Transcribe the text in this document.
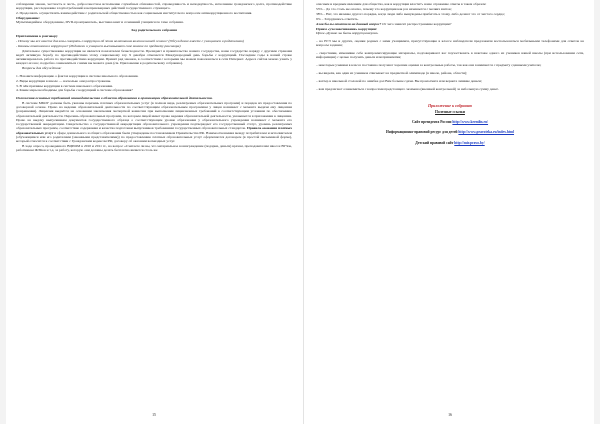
соблюдение закона, честность и честь, добросовестное исполнение служебных обязанностей, справедливость и неподкупность, исполнение гражданского долга, противодействие коррупции, расследование злоупотреблений и неправомерных действий государственного служащего.

2. Продолжать осуществлять взаимодействие с родительской общественностью как социальным институтом по вопросам антикоррупционного воспитания.

Оборудование:
Мультимедийное оборудование, DVD-проигрыватель, выставка книг и сочинений учащихся по теме собрания.

Ход родительского собрания

Приглашение к разговору

- Почему мы все вместе должны говорить о коррупции об этом негативном явлении нашей жизни? (Обсуждение вместе с учащимися и родителями)

- Каковы отношения к коррупции? (Родители и учащиеся высказывают свое мнение по предмету разговора)

Длительное существование коррупции не является показателем безысходности. Президент и правительство нашего государства, наше государство наряду с другими странами ведёт активную борьбу по противодействию этому социальному злу. 9 декабря отмечается Международный день борьбы с коррупцией. Последние годы в нашей стране активизировалась работа по противодействию коррупции. Принят ряд законов, в соответствии с которыми мы можем пожаловаться в сети Интернет. Адреса сайтов можно узнать у каждого из нас, подробно ознакомиться с ними вы можете дома (см. Приложение к родительскому собранию).

Вопросы для обсуждения:

1. Назовите информацию о фактах коррупции в системе школьного образования.

2. Виды коррупции в школе — насколько они распространены.

3. В чём причины коррупции в системе школьного образования.

4. Какие меры необходимы для борьбы с коррупцией в системе образования?

Положения основных требований законодательства в области образования к организации образовательной деятельности.

В системе МБОУ должны быть указаны перечень платных образовательных услуг (в полном виде, реализуемых образовательных программ) и порядок их предоставления по договорной основе. Право на ведение образовательной деятельности по соответствующим образовательным программам у лицея возникает с момента выдачи ему лицензии (разрешения). Лицензия выдаётся на основании заключения экспертной комиссии при выполнении лицензионных требований к соответствующим условиям по обеспечению образовательной деятельности. Перечень образовательных программ, по которым лицей имеет право ведения образовательной деятельности, указывается в приложении к лицензии. Право на выдачу выпускникам документов государственного образца о соответствующем уровне образования у образовательного учреждения возникает с момента его государственной аккредитации. Свидетельство о государственной аккредитации образовательного учреждения подтверждает его государственный статус, уровень реализуемых образовательных программ, соответствие содержания и качества подготовки выпускников требованиям государственных образовательных стандартов. Правила оказания платных образовательных услуг в сфере дошкольного и общего образования были утверждены постановлением Правительства РФ. Взаимоотношения между потребителем и исполнителем (обучающимся или его родителями (законными представителями)) по предоставлению платных образовательных услуг оформляются договором (в простой письменной форме), который относится к соответствии с Гражданским кодексом РФ, договору об оказании возмездных услуг.

В ходе опроса, проведенного ВЦИОМ в 2010 и 2011 гг., на вопрос «Считаете ли вы, что материальное вознаграждение (подарки, деньги) врачам, преподавателям школ и ВУЗов, работникам ЖЭКов и т.д. за работу, которую они должны делать бесплатно является столь же

15

опасным и вредным явлением для общества, как и коррупция власти?» наше отражение ответы в таком образом:

53% – Да это столь же опасно, почему что коррупция как раз начинается с мелких взяток;

38% – Нет, это явление другого порядка, когда люди либо вынуждены прибегать к этому, либо делают это от чистого сердца;

9% – Затрудняюсь ответить.

Ахак бы вы ответили на данный вопрос? От чего зависит распространение коррупции?

Прием «учеловечивания» коррупции:
Прим «Думаю зы быть коррупционером»

– на ЕГЭ мы и других, оценки родных с нами учащимися, присутствующие в классе наблюдатели предложили воспользоваться мобильными телефонами для ответов на вопросы задания;

– сверстники, изменивие себе компромиссирующие материалы, подговаривают вас поучаствовать в шантаже одного из учеников вашей школы (при использовании сети, информации) с целью получить деньги или привилегии;

– некоторые ученики в классе постоянно получают хорошие оценки за контрольные работы, так как они занимаются с предмету сданными учителю;

– вы видели, как один из учеников списывает на предметной олимпиаде (в школе, районе, области);

– вахтер в школьной столовой по ошибке дал Вам больше сдачи. Вы промолчите или вернете лишние деньги;

– вам предлагают ознакомиться с вопросами предстоящего экзамена (внешней контрольной) за небольшую сумму денег.

Приложение к собранию
Полезные ссылки
Сайт президента России http://www.kremlin.ru/
Информационно-правовой ресурс для детей http://www.pravoteka.ru/index.html
Детский правовой сайт http://mir.pravo.by/
16
